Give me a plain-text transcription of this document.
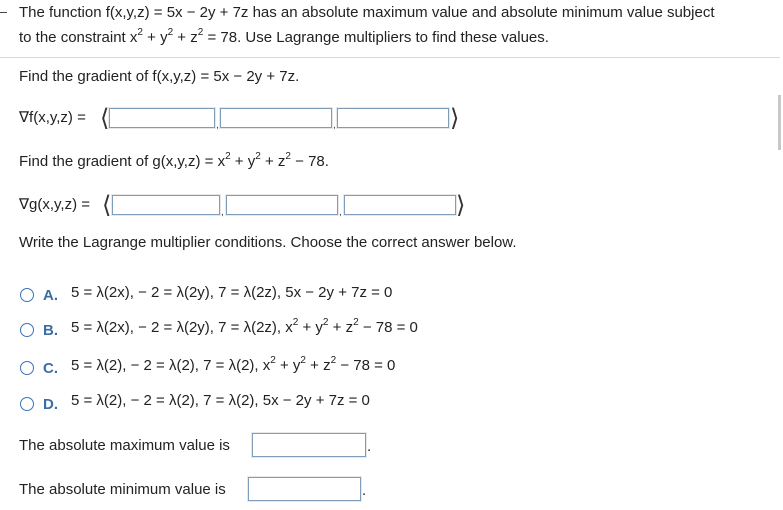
The function f(x,y,z) = 5x − 2y + 7z has an absolute maximum value and absolute minimum value subject
to the constraint $x^2 + y^2 + z^2 = 78$. Use Lagrange multipliers to find these values.
Find the gradient of f(x,y,z) = 5x − 2y + 7z.
∇f(x,y,z) = ⟨	,	,	⟩
Find the gradient of $g(x,y,z) = x^2 + y^2 + z^2 - 78$.
∇g(x,y,z) = ⟨	,	,	⟩
Write the Lagrange multiplier conditions. Choose the correct answer below.
A. 5 = λ(2x), − 2 = λ(2y), 7 = λ(2z), 5x − 2y + 7z = 0
B. 5 = λ(2x), − 2 = λ(2y), 7 = λ(2z), $x^2 + y^2 + z^2 - 78 = 0$
C. 5 = λ(2), − 2 = λ(2), 7 = λ(2), $x^2 + y^2 + z^2 - 78 = 0$
D. 5 = λ(2), − 2 = λ(2), 7 = λ(2), 5x − 2y + 7z = 0
The absolute maximum value is	.
The absolute minimum value is	.
